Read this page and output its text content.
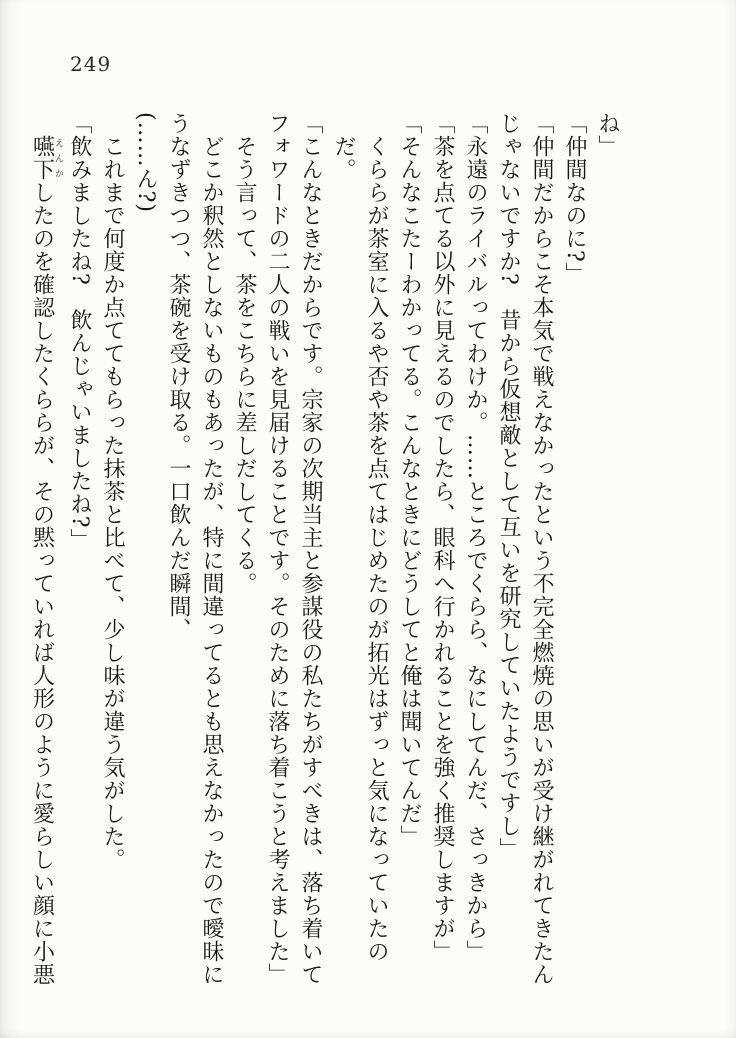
249
ね」
「仲間なのに?」
「仲間だからこそ本気で戦えなかったという不完全燃焼の思いが受け継がれてきたん
じゃないですか?　昔から仮想敵として互いを研究していたようですし」
「永遠のライバルってわけか。……ところでくらら、なにしてんだ、さっきから」
「茶を点てる以外に見えるのでしたら、眼科へ行かれることを強く推奨しますが」
「そんなこたーわかってる。こんなときにどうしてと俺は聞いてんだ」
くららが茶室に入るや否や茶を点てはじめたのが拓光はずっと気になっていたのだ。
「こんなときだからです。宗家の次期当主と参謀役の私たちがすべきは、落ち着いて
フォワードの二人の戦いを見届けることです。そのために落ち着こうと考えました」
そう言って、茶をこちらに差しだしてくる。
どこか釈然としないものもあったが、特に間違ってるとも思えなかったので曖昧に
うなずきつつ、茶碗を受け取る。一口飲んだ瞬間、
(……ん?)
これまで何度か点ててもらった抹茶と比べて、少し味が違う気がした。
「飲みましたね?　飲んじゃいましたね?」
嚥下えんかしたのを確認したくららが、その黙っていれば人形のように愛らしい顔に小悪
